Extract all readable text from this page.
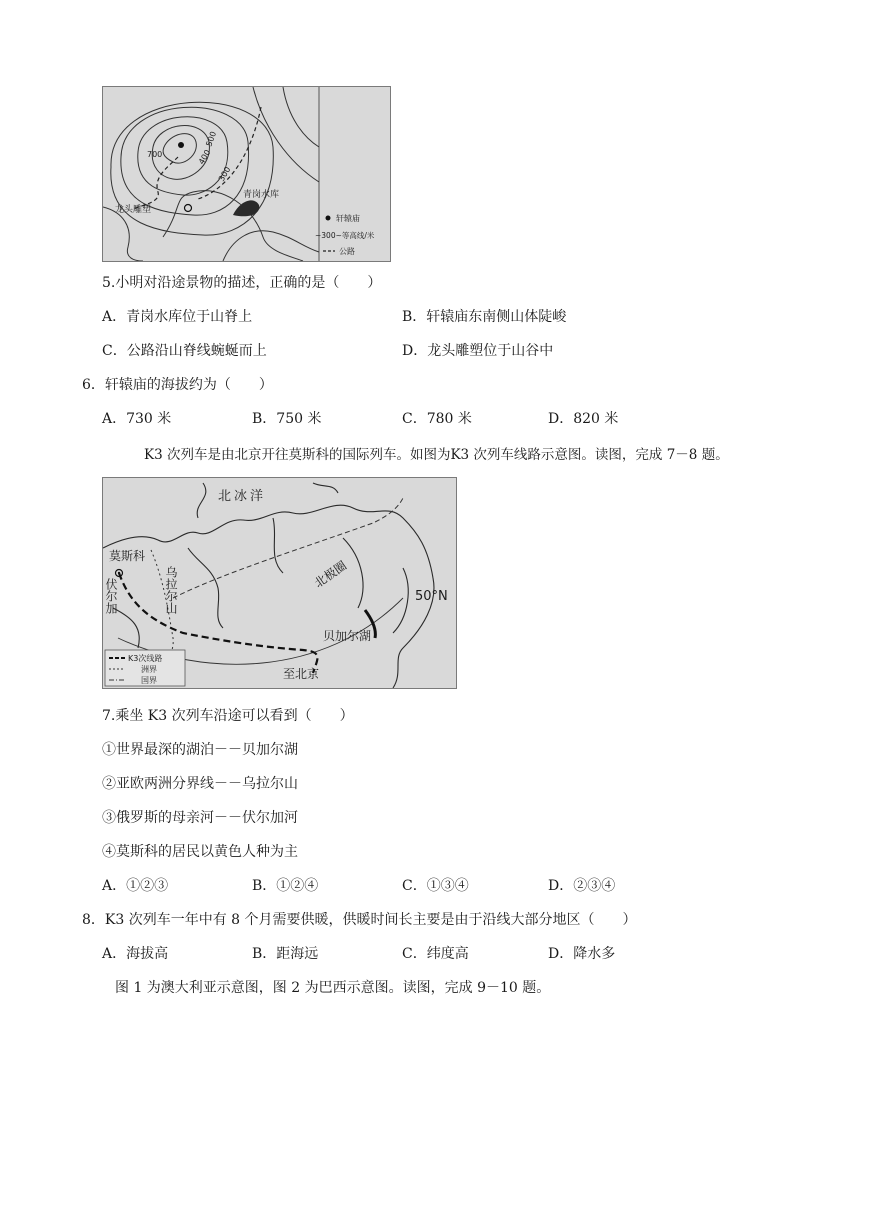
700	400
500
300
青岗水库
龙头雕塑
轩辕庙
~300~等高线/米
公路
5.小明对沿途景物的描述，正确的是（　　）
A．青岗水库位于山脊上	B．轩辕庙东南侧山体陡峻
C．公路沿山脊线蜿蜒而上	D．龙头雕塑位于山谷中
6．轩辕庙的海拔约为（　　）
A．730 米	B．750 米	C．780 米	D．820 米
K3 次列车是由北京开往莫斯科的国际列车。如图为K3 次列车线路示意图。读图，完成 7－8 题。
北冰洋
莫斯科
伏尔加	乌拉尔山	北极圈
贝加尔湖
50°N
至北京
K3次线路
洲界
国界
7.乘坐 K3 次列车沿途可以看到（　　）
①世界最深的湖泊－－贝加尔湖
②亚欧两洲分界线－－乌拉尔山
③俄罗斯的母亲河－－伏尔加河
④莫斯科的居民以黄色人种为主
A．①②③	B．①②④	C．①③④	D．②③④
8．K3 次列车一年中有 8 个月需要供暖，供暖时间长主要是由于沿线大部分地区（　　）
A．海拔高	B．距海远	C．纬度高	D．降水多
图 1 为澳大利亚示意图，图 2 为巴西示意图。读图，完成 9－10 题。
